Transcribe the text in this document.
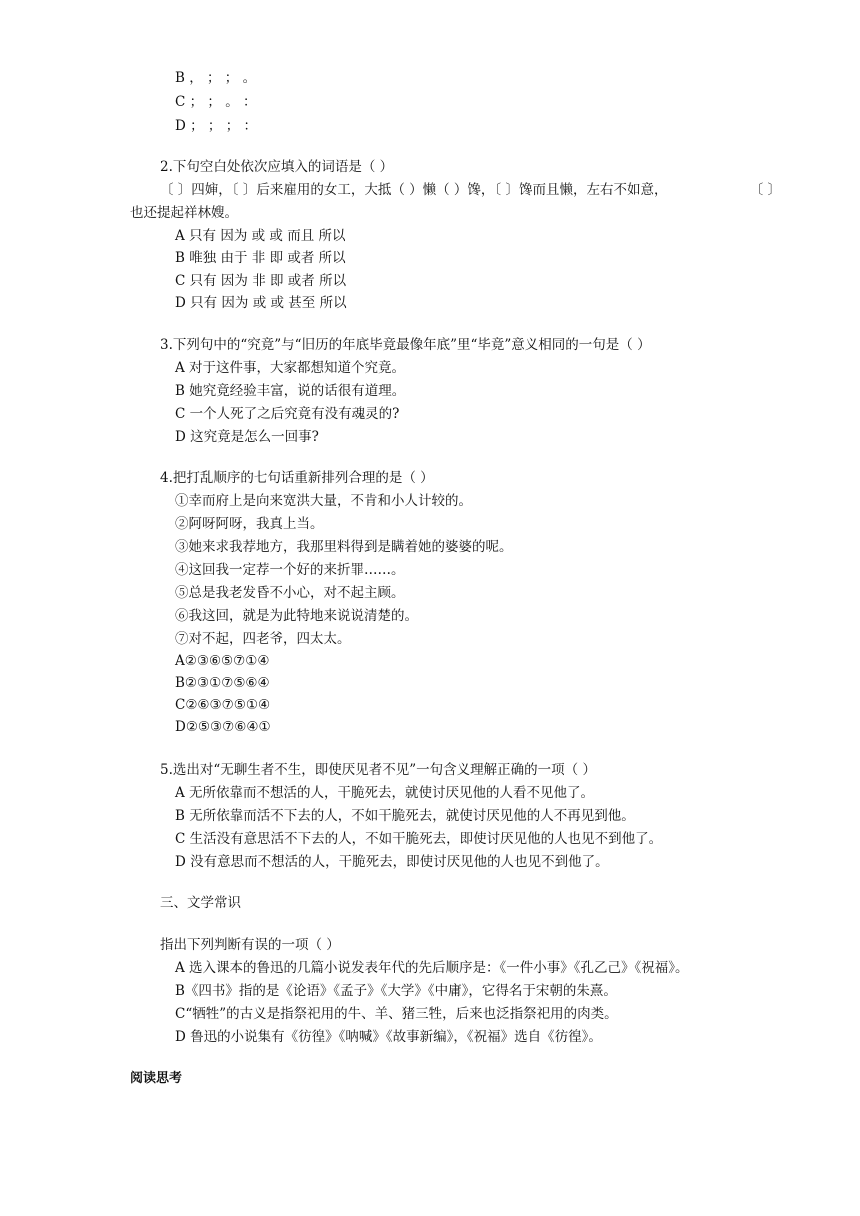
B ， ； ； 。
C ； ； 。 ：
D ； ； ； ：
2.下句空白处依次应填入的词语是（ ）
〔 〕四婶，〔 〕后来雇用的女工，大抵（ ）懒（ ）馋，〔 〕馋而且懒，左右不如意，	〔 〕
也还提起祥林嫂。
A 只有 因为 或 或 而且 所以
B 唯独 由于 非 即 或者 所以
C 只有 因为 非 即 或者 所以
D 只有 因为 或 或 甚至 所以
3.下列句中的“究竟”与“旧历的年底毕竟最像年底”里“毕竟”意义相同的一句是（ ）
A 对于这件事，大家都想知道个究竟。
B 她究竟经验丰富，说的话很有道理。
C 一个人死了之后究竟有没有魂灵的?
D 这究竟是怎么一回事?
4.把打乱顺序的七句话重新排列合理的是（ ）
①幸而府上是向来宽洪大量，不肯和小人计较的。
②阿呀阿呀，我真上当。
③她来求我荐地方，我那里料得到是瞒着她的婆婆的呢。
④这回我一定荐一个好的来折罪……。
⑤总是我老发昏不小心，对不起主顾。
⑥我这回，就是为此特地来说说清楚的。
⑦对不起，四老爷，四太太。
A②③⑥⑤⑦①④
B②③①⑦⑤⑥④
C②⑥③⑦⑤①④
D②⑤③⑦⑥④①
5.选出对“无聊生者不生，即使厌见者不见”一句含义理解正确的一项（ ）
A 无所依靠而不想活的人，干脆死去，就使讨厌见他的人看不见他了。
B 无所依靠而活不下去的人，不如干脆死去，就使讨厌见他的人不再见到他。
C 生活没有意思活不下去的人，不如干脆死去，即使讨厌见他的人也见不到他了。
D 没有意思而不想活的人，干脆死去，即使讨厌见他的人也见不到他了。
三、文学常识
指出下列判断有误的一项（ ）
A 选入课本的鲁迅的几篇小说发表年代的先后顺序是：《一件小事》《孔乙己》《祝福》。
B《四书》指的是《论语》《孟子》《大学》《中庸》，它得名于宋朝的朱熹。
C“牺牲”的古义是指祭祀用的牛、羊、猪三牲，后来也泛指祭祀用的肉类。
D 鲁迅的小说集有《彷徨》《呐喊》《故事新编》，《祝福》选自《彷徨》。
阅读思考
